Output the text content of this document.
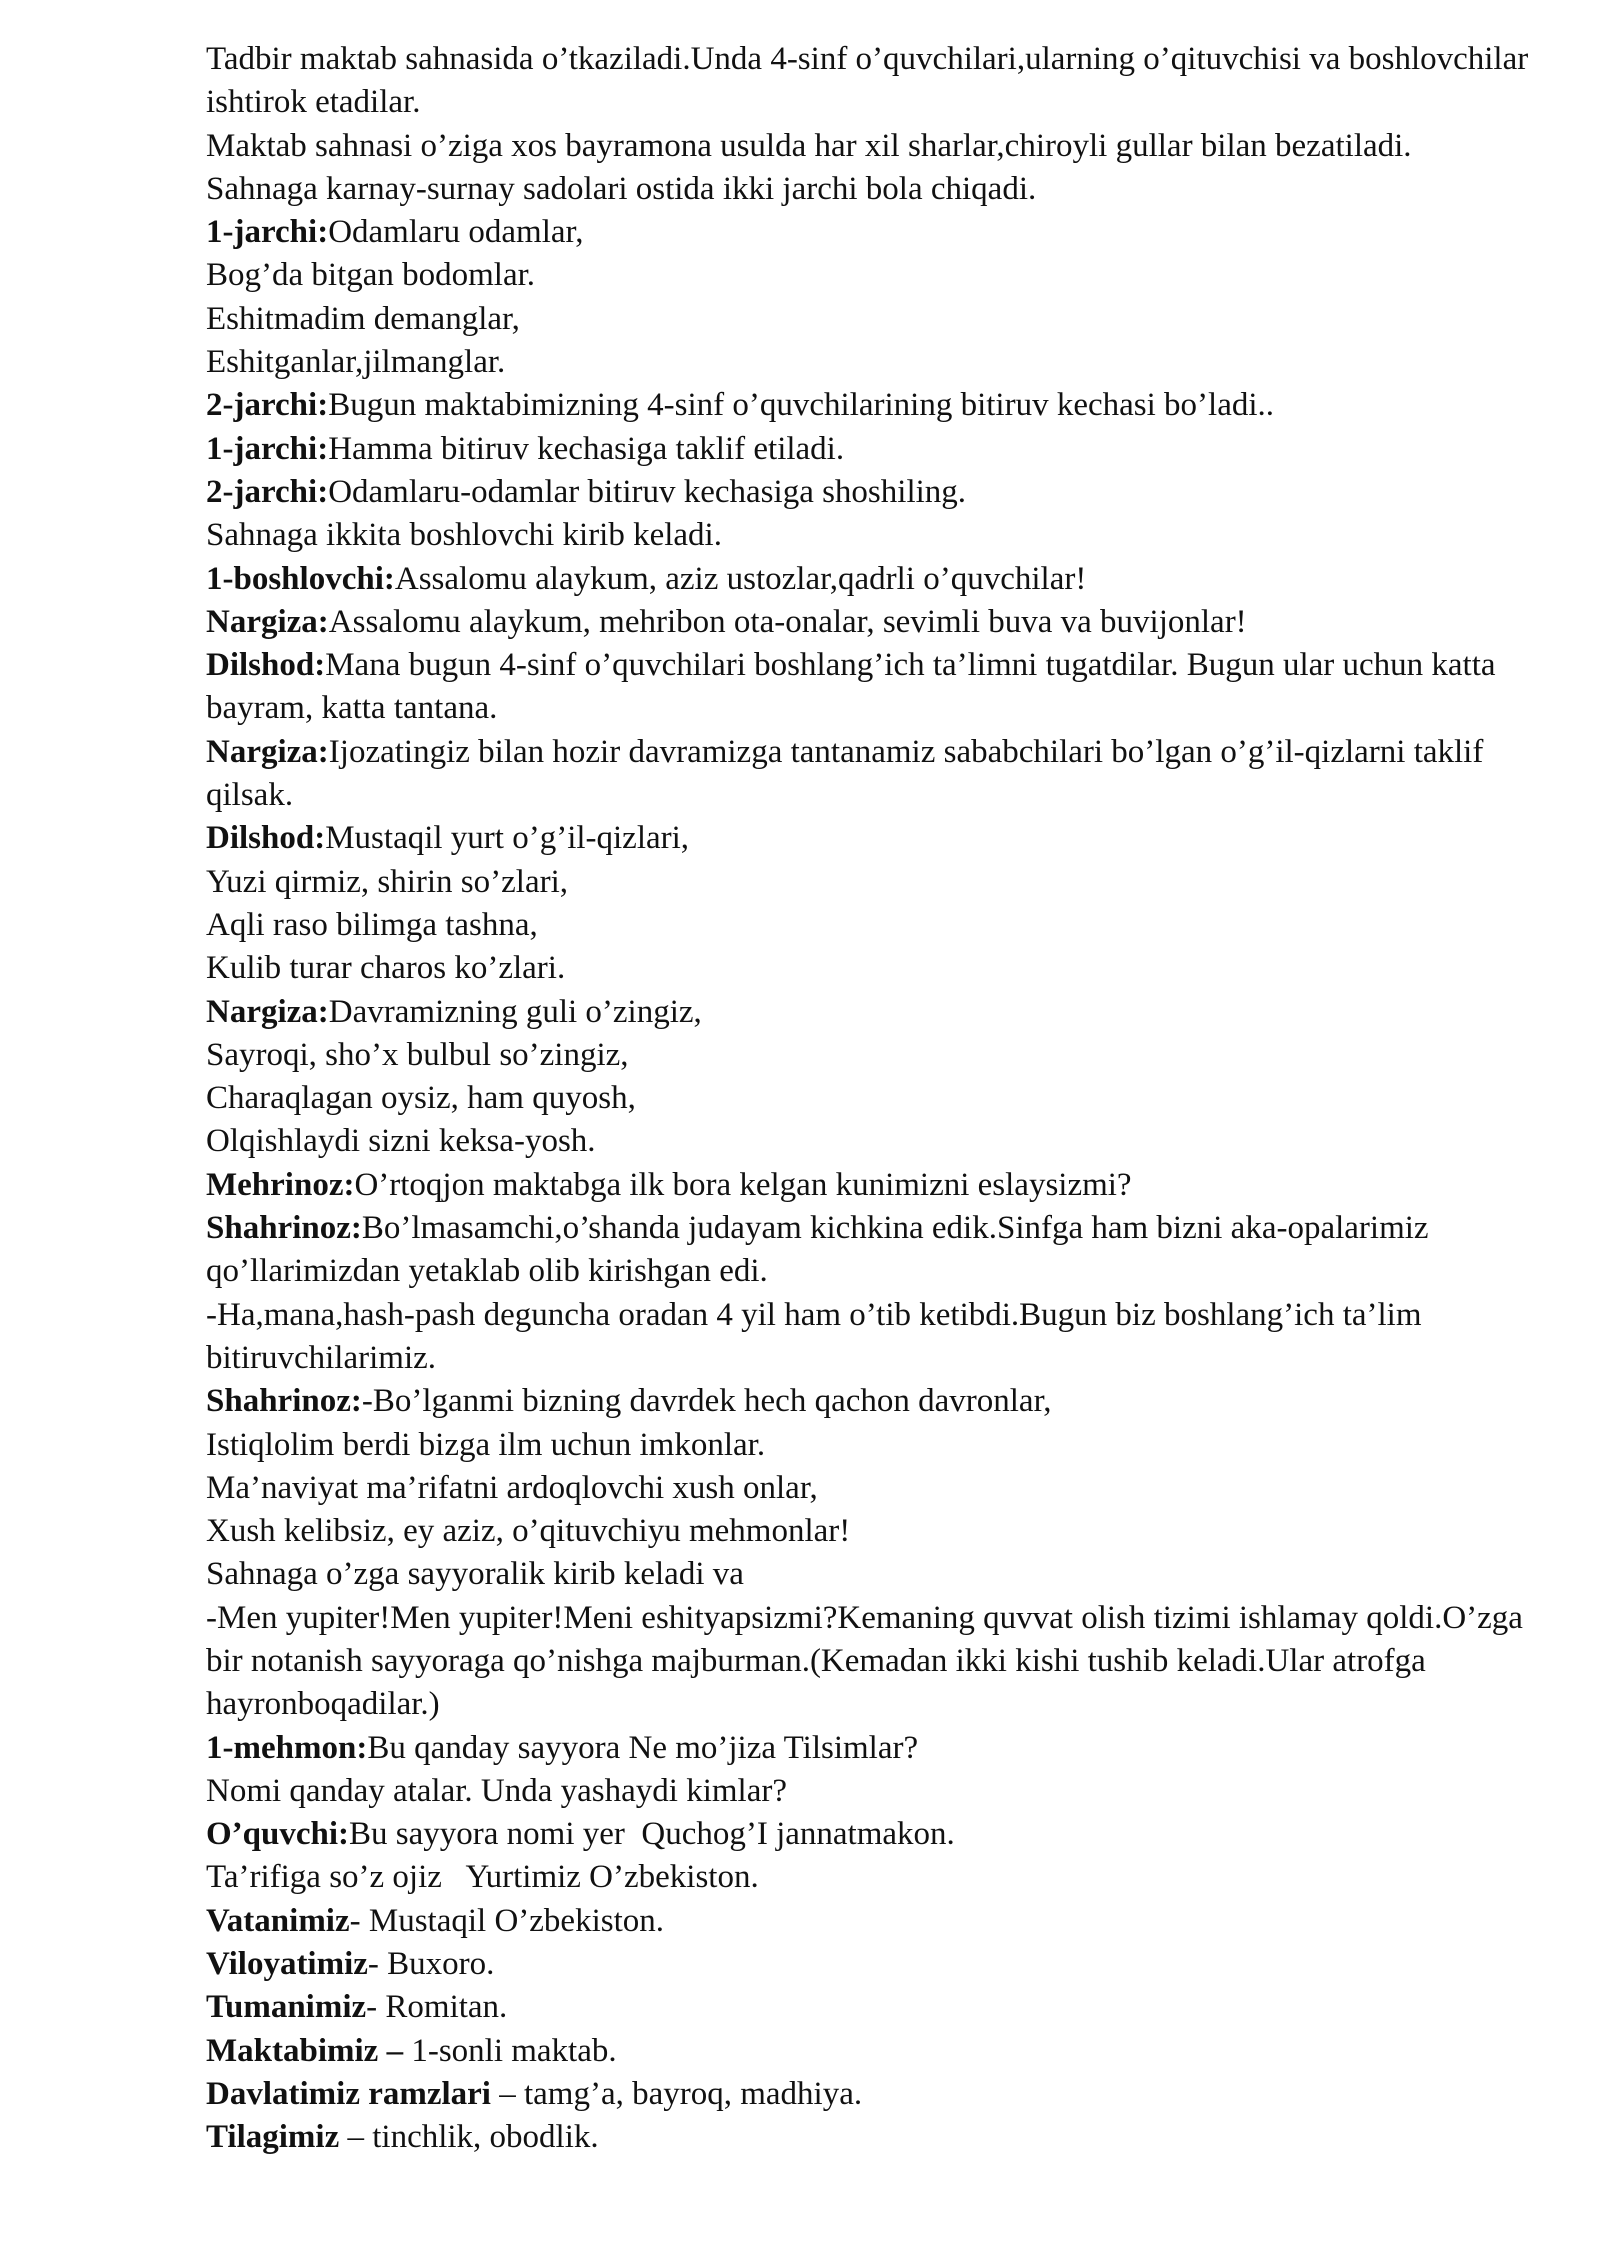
Tadbir maktab sahnasida o’tkaziladi.Unda 4-sinf o’quvchilari,ularning o’qituvchisi va boshlovchilar ishtirok etadilar.

Maktab sahnasi o’ziga xos bayramona usulda har xil sharlar,chiroyli gullar bilan bezatiladi.

Sahnaga karnay-surnay sadolari ostida ikki jarchi bola chiqadi.

1-jarchi:Odamlaru odamlar,

Bog’da bitgan bodomlar.

Eshitmadim demanglar,

Eshitganlar,jilmanglar.

2-jarchi:Bugun maktabimizning 4-sinf o’quvchilarining bitiruv kechasi bo’ladi..

1-jarchi:Hamma bitiruv kechasiga taklif etiladi.

2-jarchi:Odamlaru-odamlar bitiruv kechasiga shoshiling.

Sahnaga ikkita boshlovchi kirib keladi.

1-boshlovchi:Assalomu alaykum, aziz ustozlar,qadrli o’quvchilar!

Nargiza:Assalomu alaykum, mehribon ota-onalar, sevimli buva va buvijonlar!

Dilshod:Mana bugun 4-sinf o’quvchilari boshlang’ich ta’limni tugatdilar. Bugun ular uchun katta bayram, katta tantana.

Nargiza:Ijozatingiz bilan hozir davramizga tantanamiz sababchilari bo’lgan o’g’il-qizlarni taklif qilsak.

Dilshod:Mustaqil yurt o’g’il-qizlari,

Yuzi qirmiz, shirin so’zlari,

Aqli raso bilimga tashna,

Kulib turar charos ko’zlari.

Nargiza:Davramizning guli o’zingiz,

Sayroqi, sho’x bulbul so’zingiz,

Charaqlagan oysiz, ham quyosh,

Olqishlaydi sizni keksa-yosh.

Mehrinoz:O’rtoqjon maktabga ilk bora kelgan kunimizni eslaysizmi?

Shahrinoz:Bo’lmasamchi,o’shanda judayam kichkina edik.Sinfga ham bizni aka-opalarimiz qo’llarimizdan yetaklab olib kirishgan edi.

-Ha,mana,hash-pash deguncha oradan 4 yil ham o’tib ketibdi.Bugun biz boshlang’ich ta’lim bitiruvchilarimiz.

Shahrinoz:-Bo’lganmi bizning davrdek hech qachon davronlar,

Istiqlolim berdi bizga ilm uchun imkonlar.

Ma’naviyat ma’rifatni ardoqlovchi xush onlar,

Xush kelibsiz, ey aziz, o’qituvchiyu mehmonlar!

Sahnaga o’zga sayyoralik kirib keladi va

-Men yupiter!Men yupiter!Meni eshityapsizmi?Kemaning quvvat olish tizimi ishlamay qoldi.O’zga bir notanish sayyoraga qo’nishga majburman.(Kemadan ikki kishi tushib keladi.Ular atrofga hayronboqadilar.)

1-mehmon:Bu qanday sayyora Ne mo’jiza Tilsimlar?

Nomi qanday atalar. Unda yashaydi kimlar?

O’quvchi:Bu sayyora nomi yer  Quchog’I jannatmakon.

Ta’rifiga so’z ojiz   Yurtimiz O’zbekiston.

Vatanimiz- Mustaqil O’zbekiston.

Viloyatimiz- Buxoro.

Tumanimiz- Romitan.

Maktabimiz – 1-sonli maktab.

Davlatimiz ramzlari – tamg’a, bayroq, madhiya.

Tilagimiz – tinchlik, obodlik.
